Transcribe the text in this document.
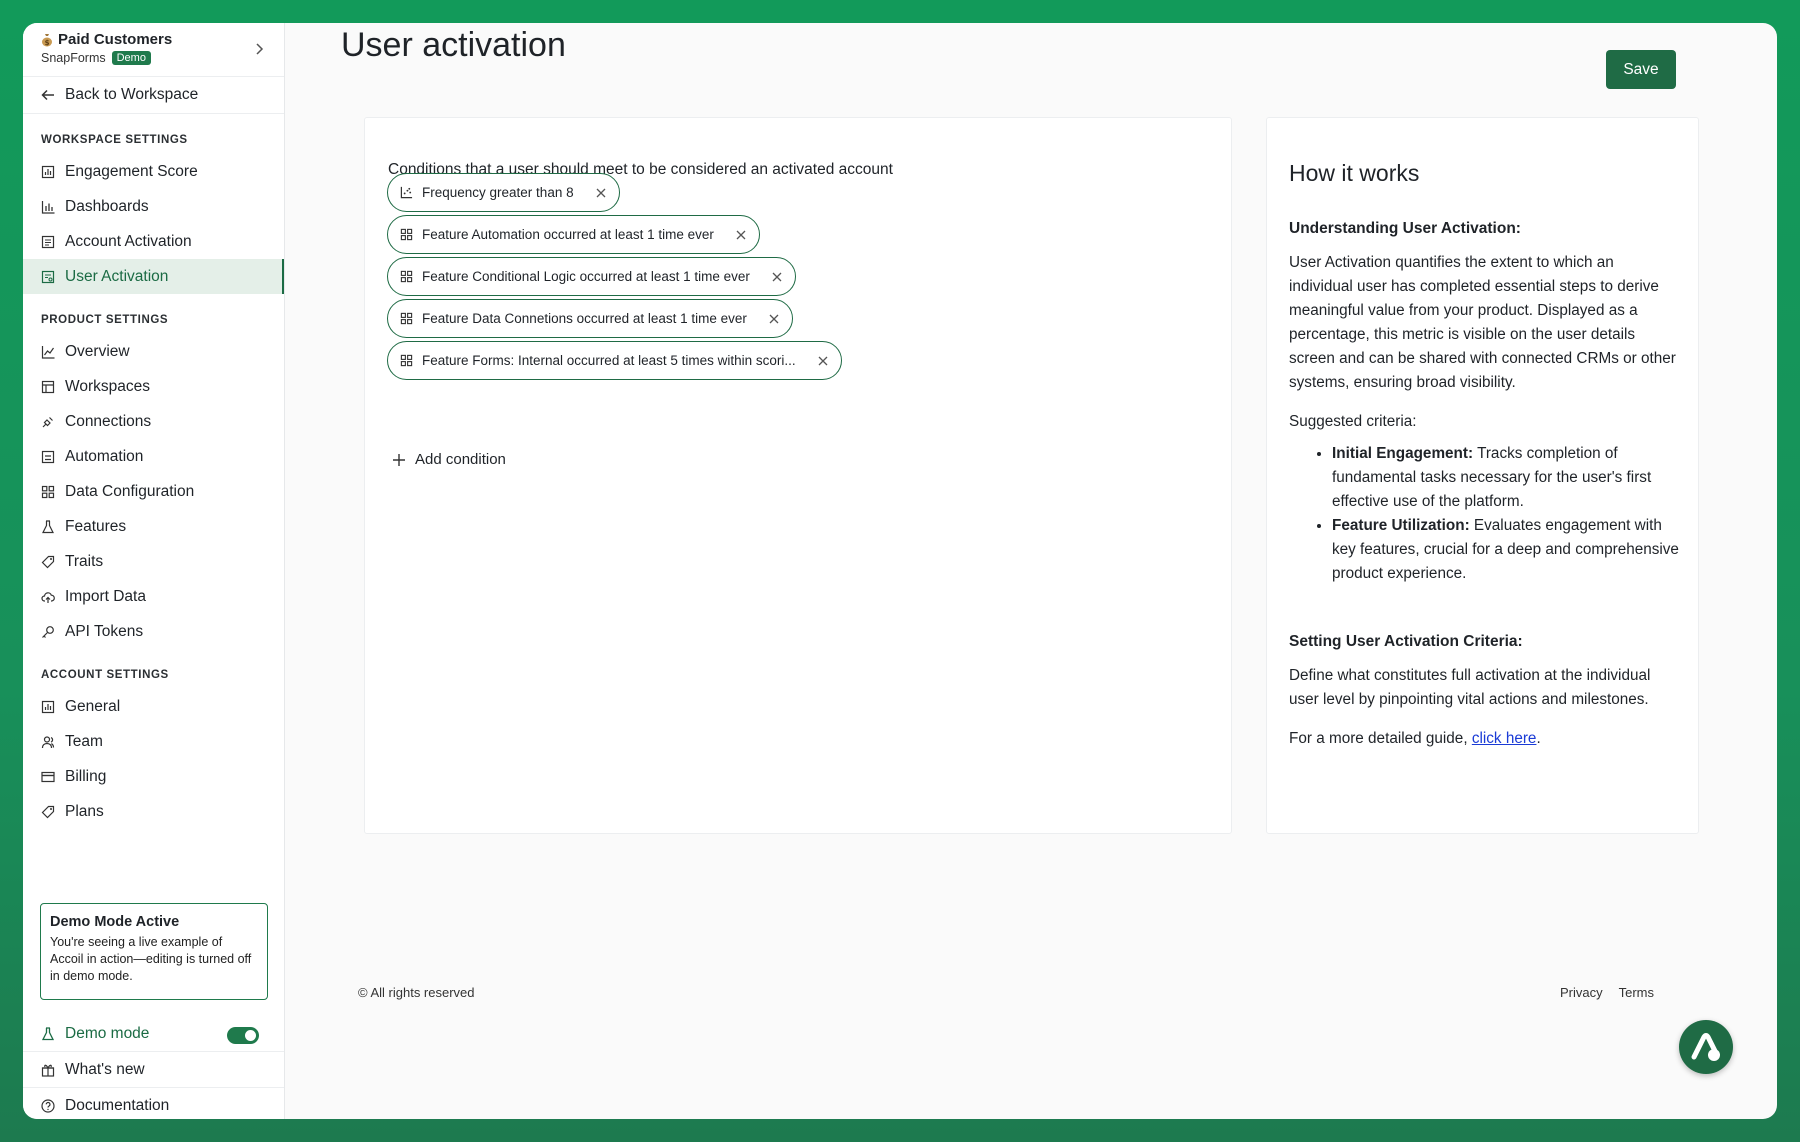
$ Paid Customers
SnapForms	Demo
Back to Workspace
WORKSPACE SETTINGS
Engagement Score
Dashboards
Account Activation
User Activation
PRODUCT SETTINGS
Overview
Workspaces
Connections
Automation
Data Configuration
Features
Traits
Import Data
API Tokens
ACCOUNT SETTINGS
General
Team
Billing
Plans
Demo Mode Active

You're seeing a live example of Accoil in action—editing is turned off in demo mode.

Demo mode
What's new
Documentation
User activation
Save
Conditions that a user should meet to be considered an activated account
Frequency greater than 8
Feature Automation occurred at least 1 time ever
Feature Conditional Logic occurred at least 1 time ever
Feature Data Connetions occurred at least 1 time ever
Feature Forms: Internal occurred at least 5 times within scori...
Add condition
How it works
Understanding User Activation:

User Activation quantifies the extent to which an individual user has completed essential steps to derive meaningful value from your product. Displayed as a percentage, this metric is visible on the user details screen and can be shared with connected CRMs or other systems, ensuring broad visibility.

Suggested criteria:

• Initial Engagement: Tracks completion of fundamental tasks necessary for the user's first effective use of the platform.
• Feature Utilization: Evaluates engagement with key features, crucial for a deep and comprehensive product experience.
Setting User Activation Criteria:

Define what constitutes full activation at the individual user level by pinpointing vital actions and milestones.

For a more detailed guide, click here.

© All rights reserved	Privacy Terms
